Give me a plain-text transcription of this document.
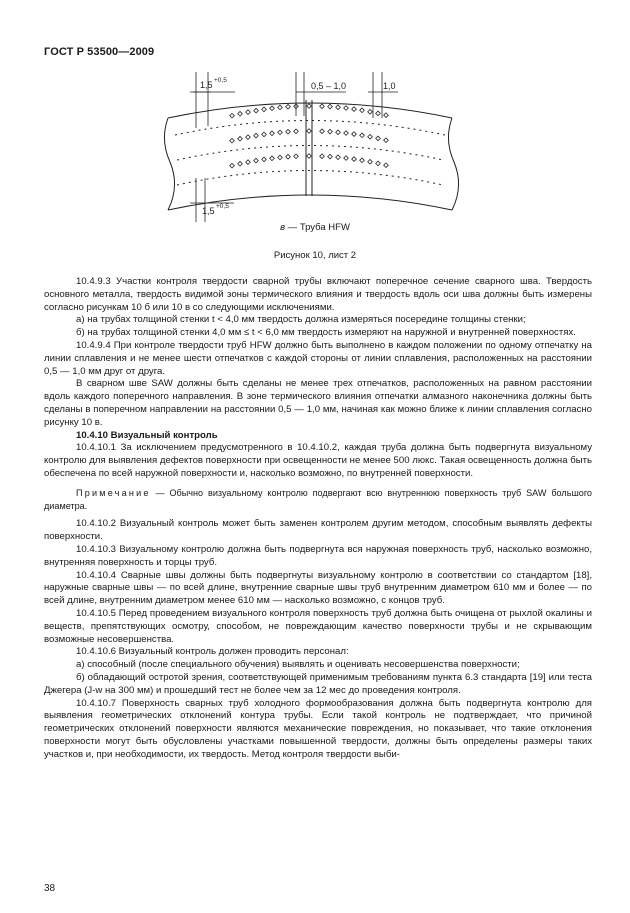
ГОСТ Р 53500—2009
1,5 +0,5
0,5 – 1,0	1,0
1,5 +0,5
в — Труба HFW
Рисунок 10, лист 2

10.4.9.3 Участки контроля твердости сварной трубы включают поперечное сечение сварного шва. Твердость основного металла, твердость видимой зоны термического влияния и твердость вдоль оси шва должны быть измерены согласно рисункам 10 б или 10 в со следующими исключениями.

а) на трубах толщиной стенки t < 4,0 мм твердость должна измеряться посередине толщины стенки;

б) на трубах толщиной стенки 4,0 мм ≤ t < 6,0 мм твердость измеряют на наружной и внутренней поверхностях.

10.4.9.4 При контроле твердости труб HFW должно быть выполнено в каждом положении по одному отпечатку на линии сплавления и не менее шести отпечатков с каждой стороны от линии сплавления, расположенных на расстоянии 0,5 — 1,0 мм друг от друга.

В сварном шве SAW должны быть сделаны не менее трех отпечатков, расположенных на равном расстоянии вдоль каждого поперечного направления. В зоне термического влияния отпечатки алмазного наконечника должны быть сделаны в поперечном направлении на расстоянии 0,5 — 1,0 мм, начиная как можно ближе к линии сплавления согласно рисунку 10 в.

10.4.10 Визуальный контроль

10.4.10.1 За исключением предусмотренного в 10.4.10.2, каждая труба должна быть подвергнута визуальному контролю для выявления дефектов поверхности при освещенности не менее 500 люкс. Такая освещенность должна быть обеспечена по всей наружной поверхности и, насколько возможно, по внутренней поверхности.

Примечание — Обычно визуальному контролю подвергают всю внутреннюю поверхность труб SAW большого диаметра.

10.4.10.2 Визуальный контроль может быть заменен контролем другим методом, способным выявлять дефекты поверхности.

10.4.10.3 Визуальному контролю должна быть подвергнута вся наружная поверхность труб, насколько возможно, внутренняя поверхность и торцы труб.

10.4.10.4 Сварные швы должны быть подвергнуты визуальному контролю в соответствии со стандартом [18], наружные сварные швы — по всей длине, внутренние сварные швы труб внутренним диаметром 610 мм и более — по всей длине, внутренним диаметром менее 610 мм — насколько возможно, с концов труб.

10.4.10.5 Перед проведением визуального контроля поверхность труб должна быть очищена от рыхлой окалины и веществ, препятствующих осмотру, способом, не повреждающим качество поверхности трубы и не скрывающим возможные несовершенства.

10.4.10.6 Визуальный контроль должен проводить персонал:

а) способный (после специального обучения) выявлять и оценивать несовершенства поверхности;

б) обладающий остротой зрения, соответствующей применимым требованиям пункта 6.3 стандарта [19] или теста Джегера (J-w на 300 мм) и прошедший тест не более чем за 12 мес до проведения контроля.

10.4.10.7 Поверхность сварных труб холодного формообразования должна быть подвергнута контролю для выявления геометрических отклонений контура трубы. Если такой контроль не подтверждает, что причиной геометрических отклонений поверхности являются механические повреждения, но показывает, что такие отклонения поверхности могут быть обусловлены участками повышенной твердости, должны быть определены размеры таких участков и, при необходимости, их твердость. Метод контроля твердости выби-

38
